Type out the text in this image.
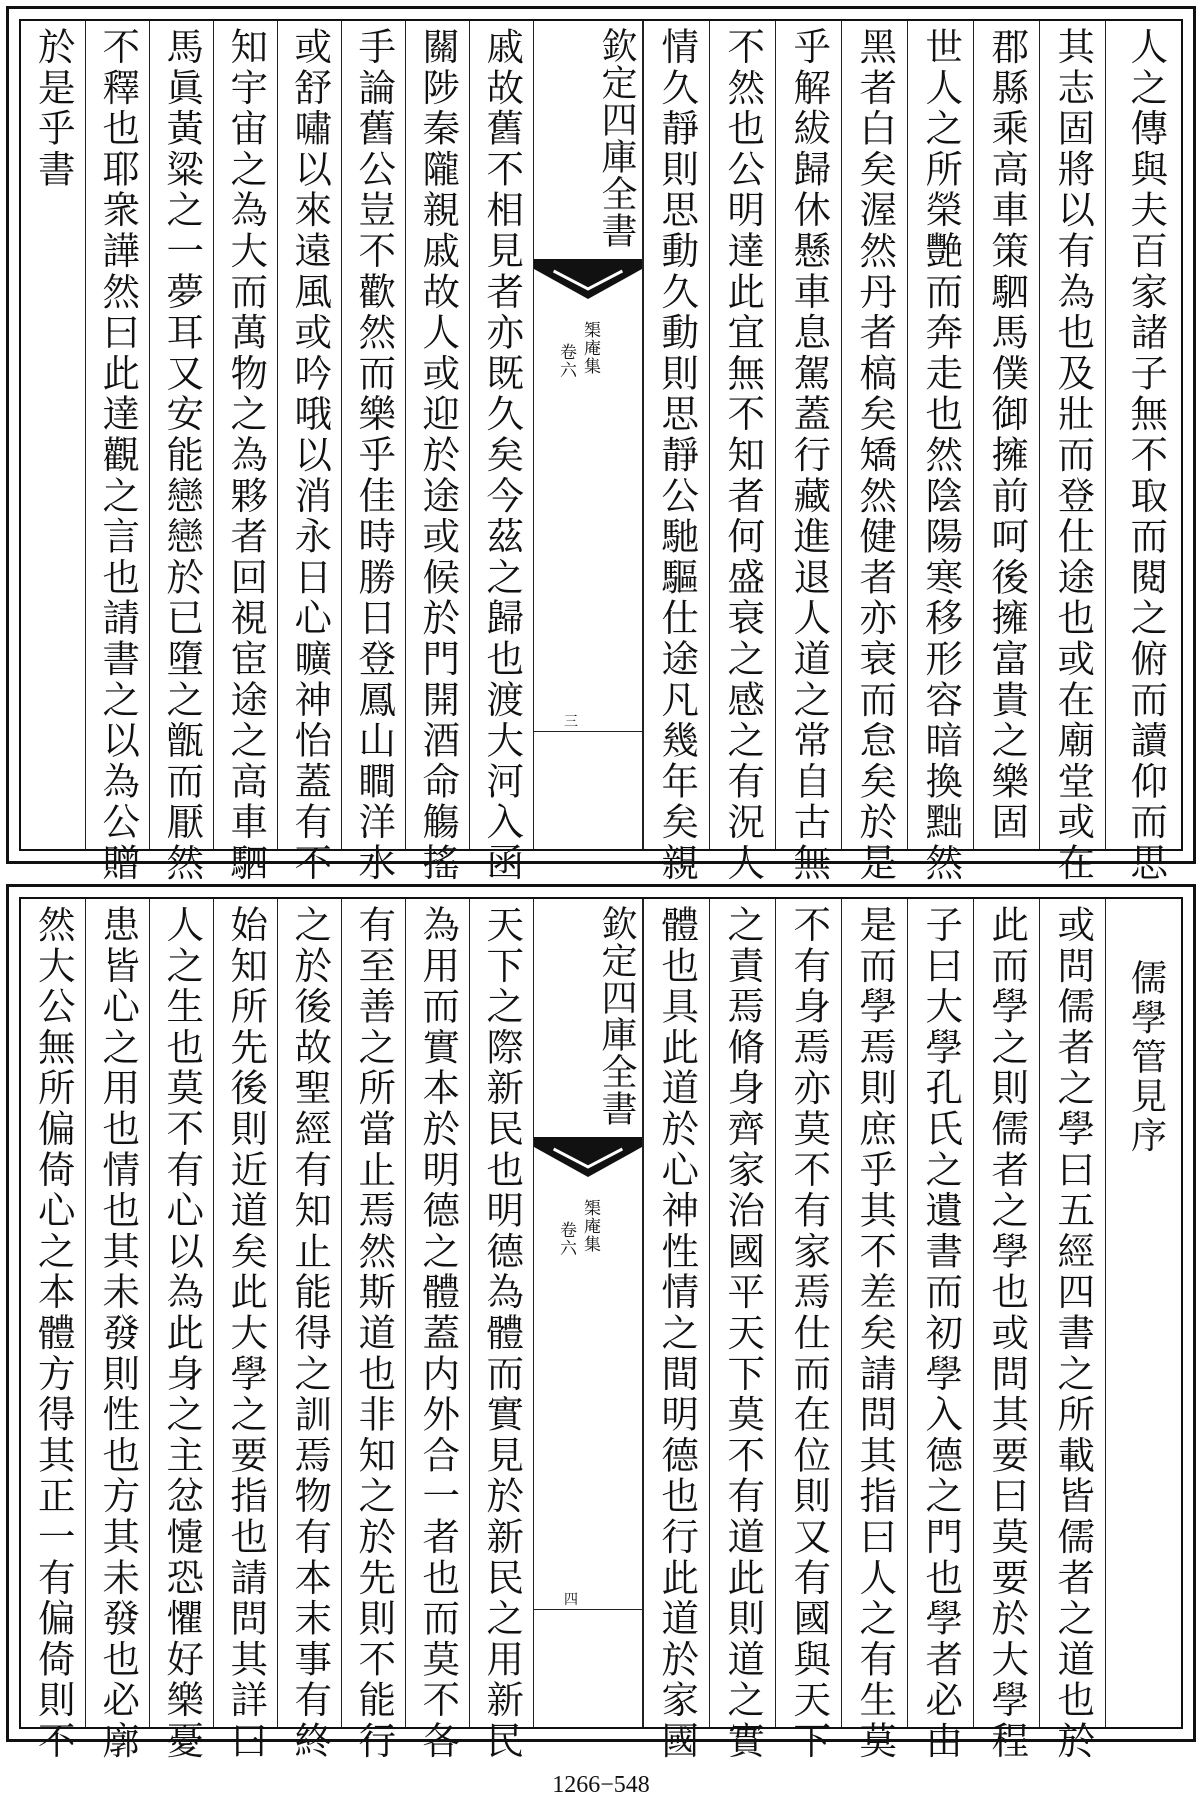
於是乎書 不釋也耶衆譁然曰此達觀之言也請書之以為公贈 馬眞黃粱之一夢耳又安能戀戀於已墮之甑而厭然 知宇宙之為大而萬物之為夥者回視宦途之高車駟 或舒嘯以來遠風或吟哦以消永日心曠神怡蓋有不 手論舊公豈不歡然而樂乎佳時勝日登鳳山瞷洋水 關陟秦隴親戚故人或迎於途或候於門開酒命觴搖 戚故舊不相見者亦既久矣今茲之歸也渡大河入函	欽定四庫全書
榘庵集
卷六
三	情久靜則思動久動則思靜公馳驅仕途凡幾年矣親 不然也公明達此宜無不知者何盛衰之感之有況人 乎解紱歸休懸車息駕蓋行藏進退人道之常自古無 黑者白矣渥然丹者槁矣矯然健者亦衰而怠矣於是 世人之所榮艷而奔走也然陰陽寒移形容暗換黜然 郡縣乘高車策駟馬僕御擁前呵後擁富貴之樂固 其志固將以有為也及壯而登仕途也或在廟堂或在 人之傳與夫百家諸子無不取而閱之俯而讀仰而思
然大公無所偏倚心之本體方得其正一有偏倚則不 患皆心之用也情也其未發則性也方其未發也必廓 人之生也莫不有心以為此身之主忿懥恐懼好樂憂 始知所先後則近道矣此大學之要指也請問其詳曰 之於後故聖經有知止能得之訓焉物有本末事有終 有至善之所當止焉然斯道也非知之於先則不能行 為用而實本於明德之體蓋内外合一者也而莫不各 天下之際新民也明德為體而實見於新民之用新民	欽定四庫全書
榘庵集
卷六
四	體也具此道於心神性情之間明德也行此道於家國 之責焉脩身齊家治國平天下莫不有道此則道之實 不有身焉亦莫不有家焉仕而在位則又有國與天下 是而學焉則庶乎其不差矣請問其指曰人之有生莫 子曰大學孔氏之遺書而初學入德之門也學者必由 此而學之則儒者之學也或問其要曰莫要於大學程 或問儒者之學曰五經四書之所載皆儒者之道也於 儒學管見序
1266−548
